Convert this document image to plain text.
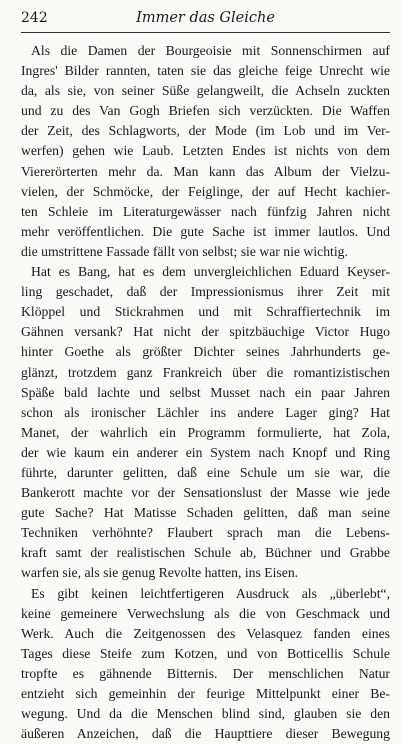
242	Immer das Gleiche
Als die Damen der Bourgeoisie mit Sonnenschirmen auf
Ingres' Bilder rannten, taten sie das gleiche feige Unrecht wie
da, als sie, von seiner Süße gelangweilt, die Achseln zuckten
und zu des Van Gogh Briefen sich verzückten. Die Waffen
der Zeit, des Schlagworts, der Mode (im Lob und im Ver-
werfen) gehen wie Laub. Letzten Endes ist nichts von dem
Viererörterten mehr da. Man kann das Album der Vielzu-
vielen, der Schmöcke, der Feiglinge, der auf Hecht kachier-
ten Schleie im Literaturgewässer nach fünfzig Jahren nicht
mehr veröffentlichen. Die gute Sache ist immer lautlos. Und
die umstrittene Fassade fällt von selbst; sie war nie wichtig.
Hat es Bang, hat es dem unvergleichlichen Eduard Keyser-
ling geschadet, daß der Impressionismus ihrer Zeit mit
Klöppel und Stickrahmen und mit Schraffiertechnik im
Gähnen versank? Hat nicht der spitzbäuchige Victor Hugo
hinter Goethe als größter Dichter seines Jahrhunderts ge-
glänzt, trotzdem ganz Frankreich über die romantizistischen
Späße bald lachte und selbst Musset nach ein paar Jahren
schon als ironischer Lächler ins andere Lager ging? Hat
Manet, der wahrlich ein Programm formulierte, hat Zola,
der wie kaum ein anderer ein System nach Knopf und Ring
führte, darunter gelitten, daß eine Schule um sie war, die
Bankerott machte vor der Sensationslust der Masse wie jede
gute Sache? Hat Matisse Schaden gelitten, daß man seine
Techniken verhöhnte? Flaubert sprach man die Lebens-
kraft samt der realistischen Schule ab, Büchner und Grabbe
warfen sie, als sie genug Revolte hatten, ins Eisen.
Es gibt keinen leichtfertigeren Ausdruck als „überlebt“,
keine gemeinere Verwechslung als die von Geschmack und
Werk. Auch die Zeitgenossen des Velasquez fanden eines
Tages diese Steife zum Kotzen, und von Botticellis Schule
tropfte es gähnende Bitternis. Der menschlichen Natur
entzieht sich gemeinhin der feurige Mittelpunkt einer Be-
wegung. Und da die Menschen blind sind, glauben sie den
äußeren Anzeichen, daß die Haupttiere dieser Bewegung
